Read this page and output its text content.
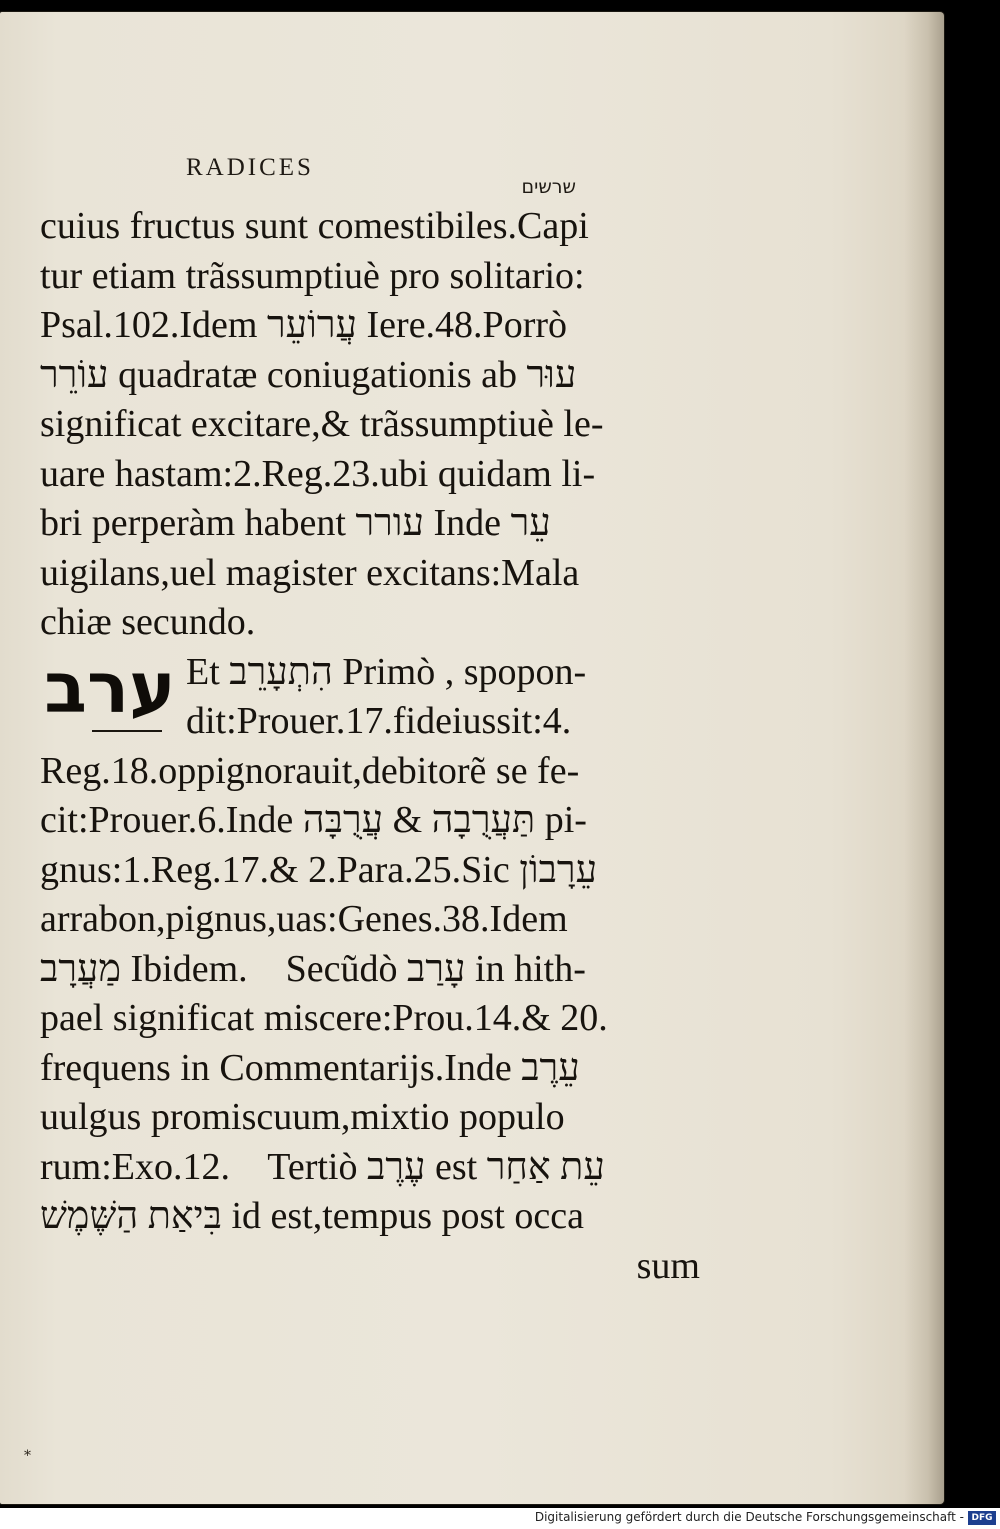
RADICES
שרשים
cuius fructus sunt comestibiles.Capi
tur etiam trãssumptiuè pro solitario:
Psal.102.Idem עֲרוֹעֵר Iere.48.Porrò
עוֹרֵר quadratæ coniugationis ab עוּר
significat excitare,& trãssumptiuè le-
uare hastam:2.Reg.23.ubi quidam li-
bri perperàm habent עורר Inde עֵר
uigilans,uel magister excitans:Mala
chiæ secundo.
ערב Et הִתְעָרֵב Primò , spopon-
dit:Prouer.17.fideiussit:4.
Reg.18.oppignorauit,debitorẽ se fe-
cit:Prouer.6.Inde תַּעֲרֻבָה & עֲרֻבָּה pi-
gnus:1.Reg.17.& 2.Para.25.Sic עֵרָבוֹן
arrabon,pignus,uas:Genes.38.Idem
מַעֲרָב Ibidem.    Secũdò עָרַב in hith-
pael significat miscere:Prou.14.& 20.
frequens in Commentarijs.Inde עֵרֶב
uulgus promiscuum,mixtio populo
rum:Exo.12.    Tertiò עֶרֶב est עֵת אַחַר
בִּיאַת הַשֶּׁמֶשׁ id est,tempus post occa
sum
*
Digitalisierung gefördert durch die Deutsche Forschungsgemeinschaft - DFG
